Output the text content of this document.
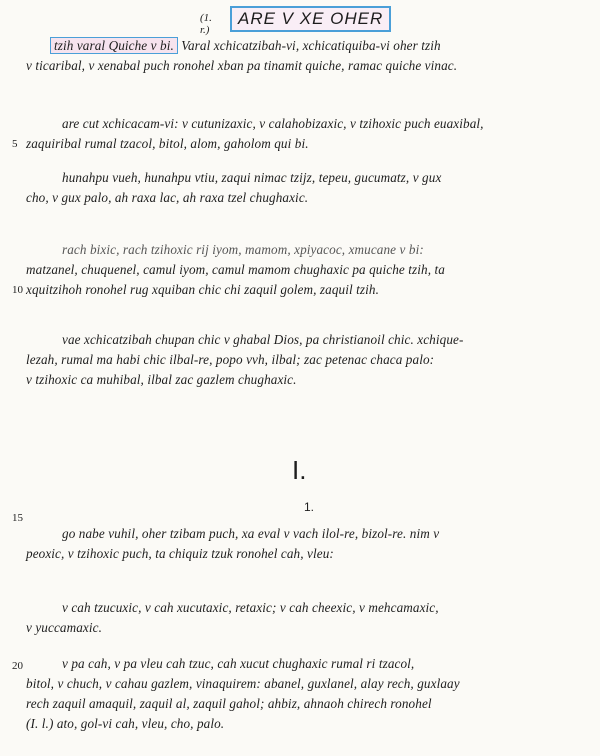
(1. r.)
ARE V XE OHER
tzih varal Quiche v bi. Varal xchicatzibah-vi, xchicatiquiba-vi oher tzih
v ticaribal, v xenabal puch ronohel xban pa tinamit quiche, ramac quiche vinac.
are cut xchicacam-vi: v cutunizaxic, v calahobizaxic, v tzihoxic puch euaxibal,
5 zaquiribal rumal tzacol, bitol, alom, gaholom qui bi.
hunahpu vueh, hunahpu vtiu, zaqui nimac tzijz, tepeu, gucumatz, v gux
cho, v gux palo, ah raxa lac, ah raxa tzel chughaxic.
rach bixic, rach tzihoxic rij iyom, mamom, xpiyacoc, xmucane v bi:
matzanel, chuquenel, camul iyom, camul mamom chughaxic pa quiche tzih, ta
10 xquitzihoh ronohel rug xquiban chic chi zaquil golem, zaquil tzih.
vae xchicatzibah chupan chic v ghabal Dios, pa christianoil chic. xchique-
lezah, rumal ma habi chic ilbal-re, popo vvh, ilbal; zac petenac chaca palo:
v tzihoxic ca muhibal, ilbal zac gazlem chughaxic.
I.
1.
15
go nabe vuhil, oher tzibam puch, xa eval v vach ilol-re, bizol-re. nim v
peoxic, v tzihoxic puch, ta chiquiz tzuk ronohel cah, vleu:
v cah tzucuxic, v cah xucutaxic, retaxic; v cah cheexic, v mehcamaxic,
v yuccamaxic.
20	v pa cah, v pa vleu cah tzuc, cah xucut chughaxic rumal ri tzacol,
bitol, v chuch, v cahau gazlem, vinaquirem: abanel, guxlanel, alay rech, guxlaay
rech zaquil amaquil, zaquil al, zaquil gahol; ahbiz, ahnaoh chirech ronohel
(I. l.) ato, gol-vi cah, vleu, cho, palo.
